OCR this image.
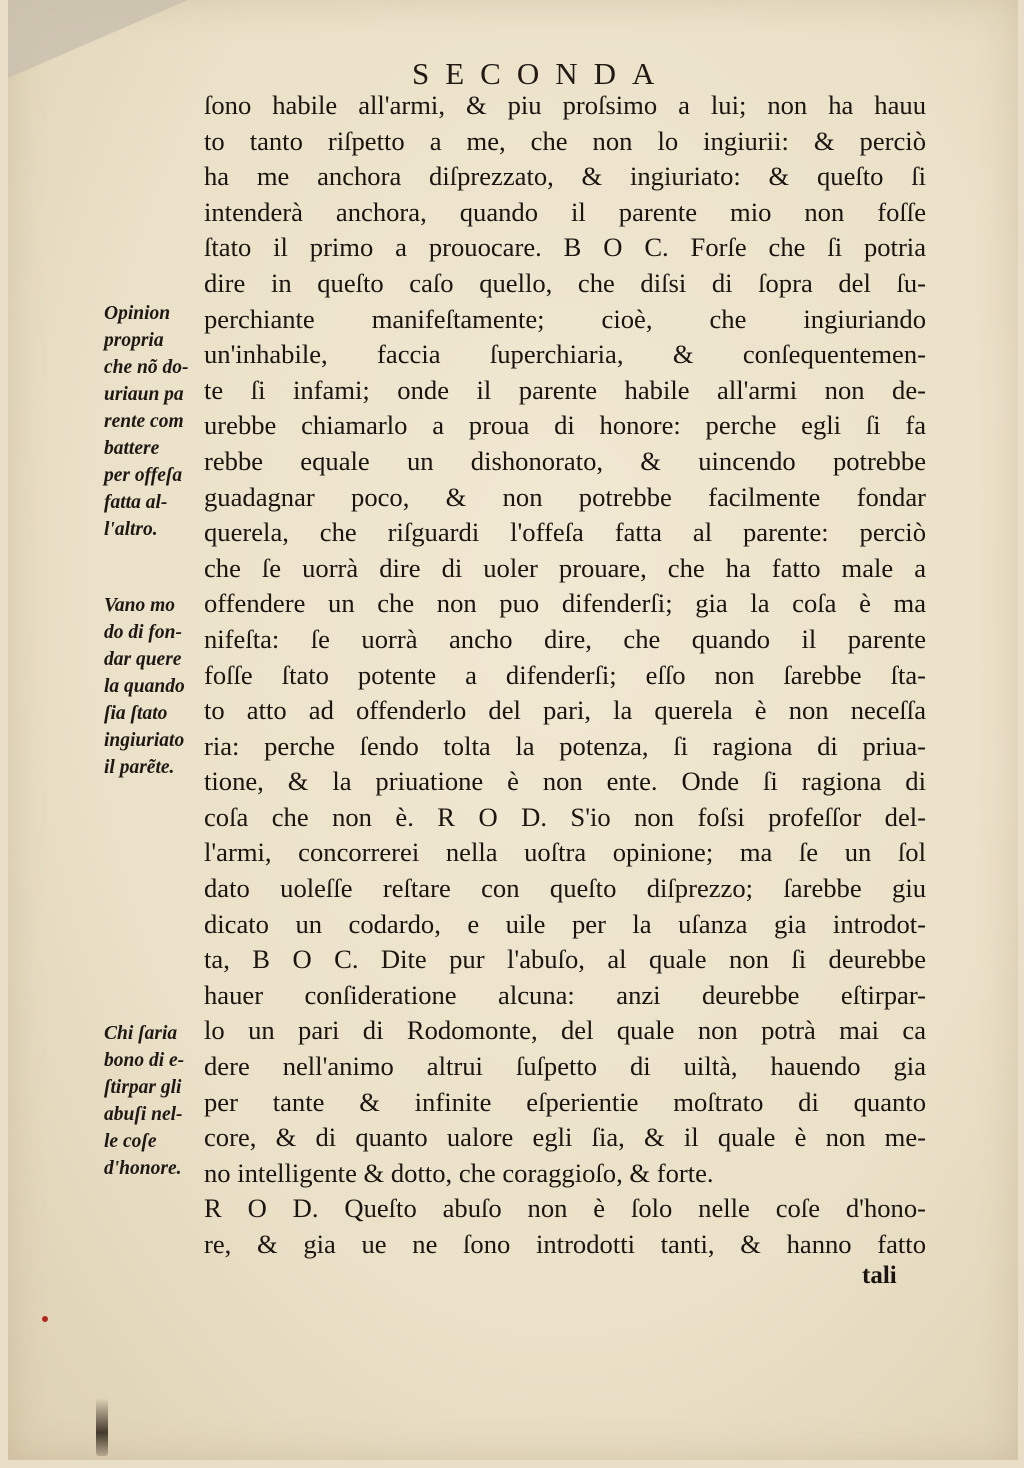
SECONDA
ſono habile all'armi, & piu proſsimo a lui; non ha hauu
to tanto riſpetto a me, che non lo ingiurii: & perciò
ha me anchora diſprezzato, & ingiuriato: & queſto ſi
intenderà anchora, quando il parente mio non foſſe
ſtato il primo a prouocare. B O C. Forſe che ſi potria
dire in queſto caſo quello, che diſsi di ſopra del ſu-
perchiante manifeſtamente; cioè, che ingiuriando
un'inhabile, faccia ſuperchiaria, & conſequentemen-
te ſi infami; onde il parente habile all'armi non de-
urebbe chiamarlo a proua di honore: perche egli ſi fa
rebbe equale un dishonorato, & uincendo potrebbe
guadagnar poco, & non potrebbe facilmente fondar
querela, che riſguardi l'offeſa fatta al parente: perciò
che ſe uorrà dire di uoler prouare, che ha fatto male a
offendere un che non puo difenderſi; gia la coſa è ma
nifeſta: ſe uorrà ancho dire, che quando il parente
foſſe ſtato potente a difenderſi; eſſo non ſarebbe ſta-
to atto ad offenderlo del pari, la querela è non neceſſa
ria: perche ſendo tolta la potenza, ſi ragiona di priua-
tione, & la priuatione è non ente. Onde ſi ragiona di
coſa che non è. R O D. S'io non foſsi profeſſor del-
l'armi, concorrerei nella uoſtra opinione; ma ſe un ſol
dato uoleſſe reſtare con queſto diſprezzo; ſarebbe giu
dicato un codardo, e uile per la uſanza gia introdot-
ta, B O C. Dite pur l'abuſo, al quale non ſi deurebbe
hauer conſideratione alcuna: anzi deurebbe eſtirpar-
lo un pari di Rodomonte, del quale non potrà mai ca
dere nell'animo altrui ſuſpetto di uiltà, hauendo gia
per tante & infinite eſperientie moſtrato di quanto
core, & di quanto ualore egli ſia, & il quale è non me-
no intelligente & dotto, che coraggioſo, & forte.
R O D. Queſto abuſo non è ſolo nelle coſe d'hono-
re, & gia ue ne ſono introdotti tanti, & hanno fatto
tali
Opinion
propria
che nõ do-
uriaun pa
rente com
battere
per offeſa
fatta al-
l'altro.
Vano mo
do di fon-
dar quere
la quando
ſia ſtato
ingiuriato
il parẽte.
Chi ſaria
bono di e-
ſtirpar gli
abuſi nel-
le coſe
d'honore.
